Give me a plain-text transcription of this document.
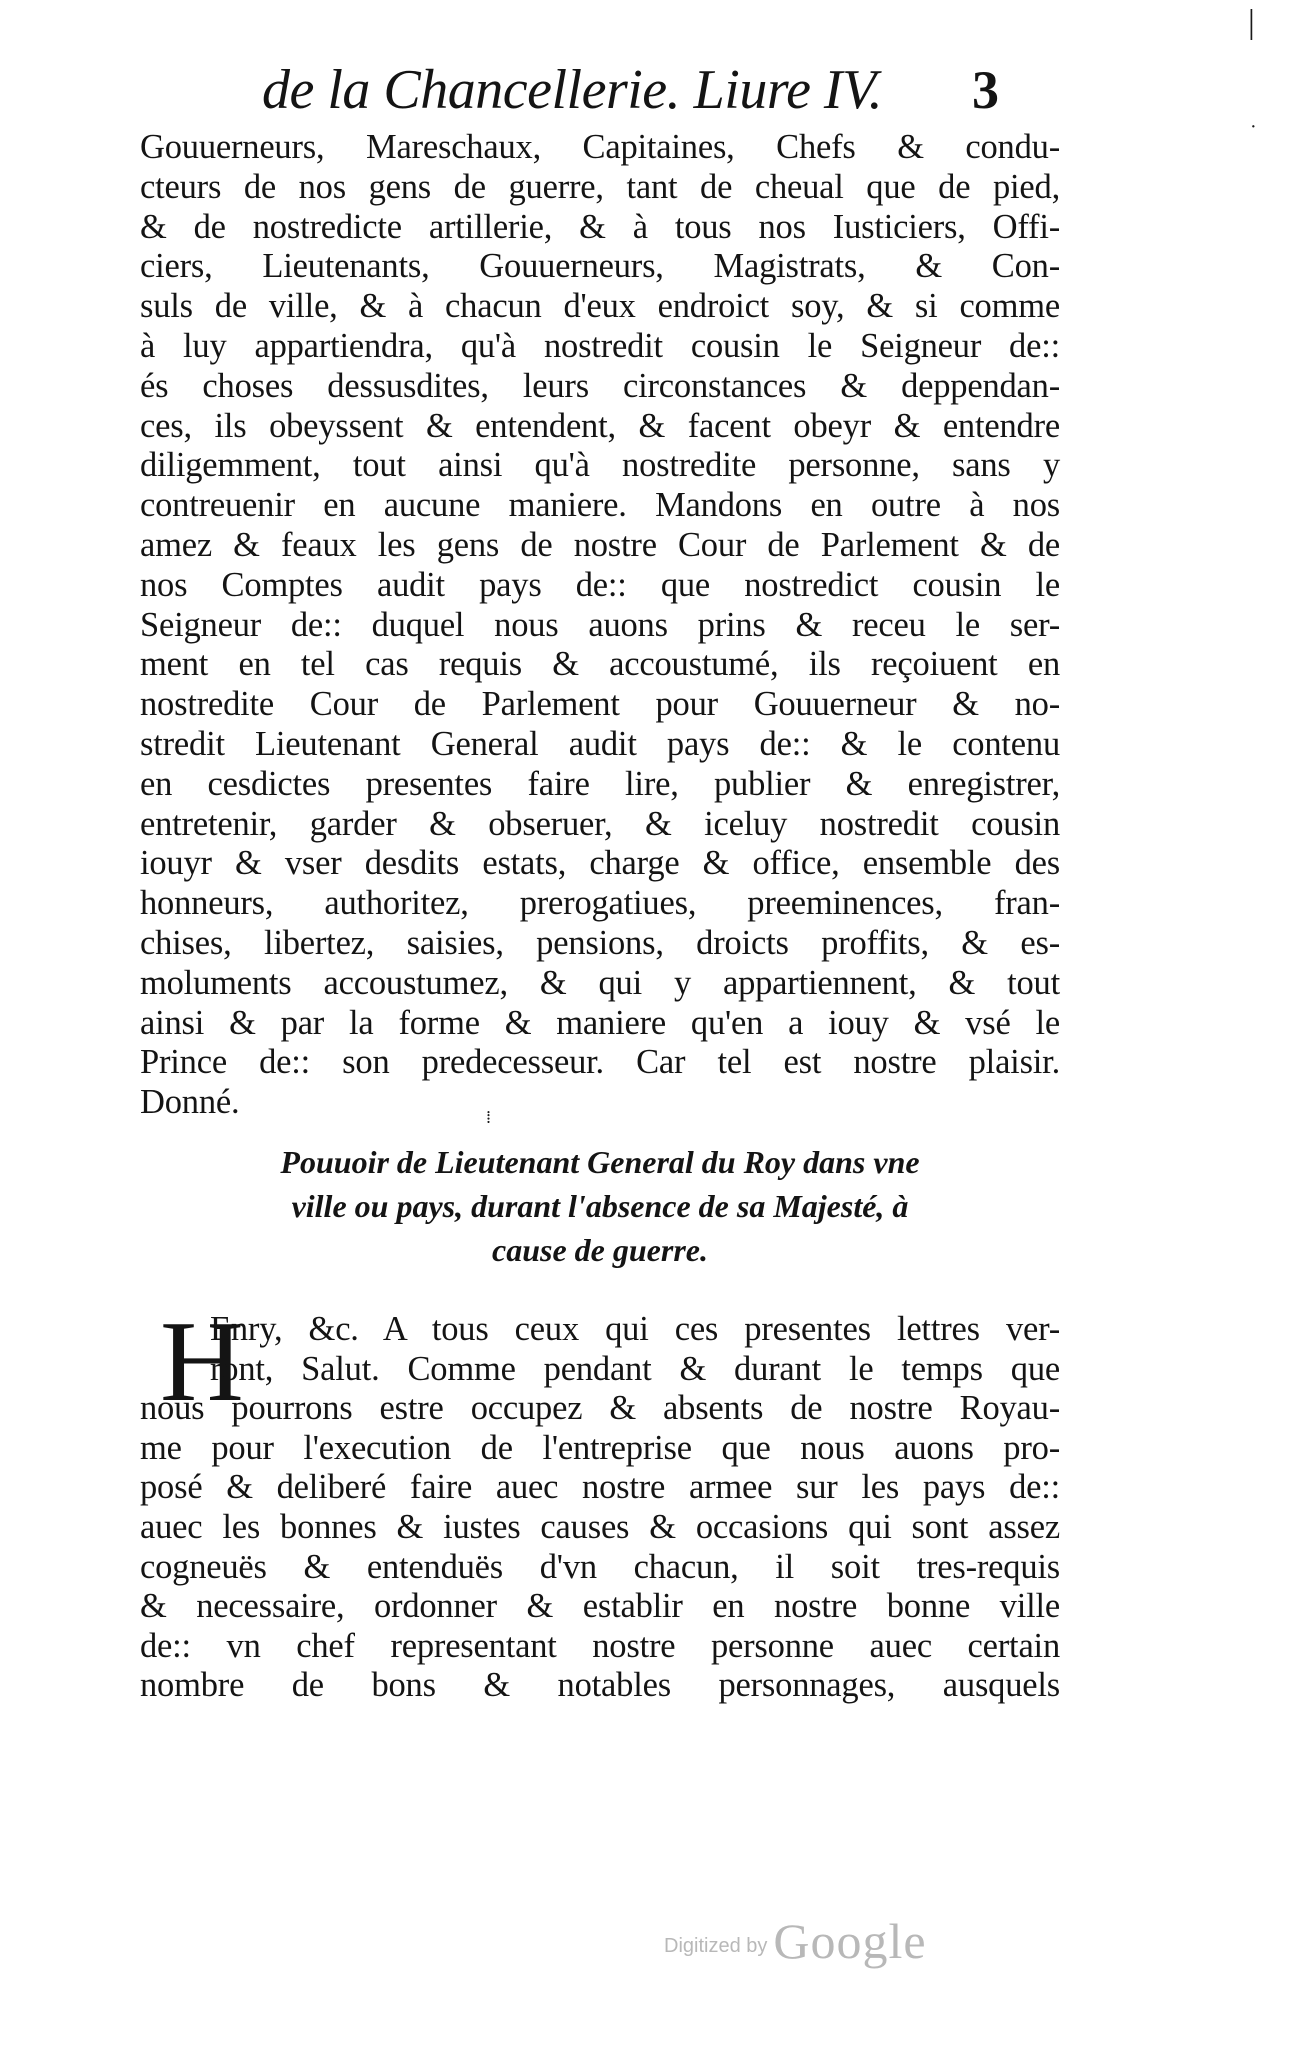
de la Chancellerie. Liure IV. 3
Gouuerneurs, Mareschaux, Capitaines, Chefs & condu-
cteurs de nos gens de guerre, tant de cheual que de pied,
& de nostredicte artillerie, & à tous nos Iusticiers, Offi-
ciers, Lieutenants, Gouuerneurs, Magistrats, & Con-
suls de ville, & à chacun d'eux endroict soy, & si comme
à luy appartiendra, qu'à nostredit cousin le Seigneur de::
és choses dessusdites, leurs circonstances & deppendan-
ces, ils obeyssent & entendent, & facent obeyr & entendre
diligemment, tout ainsi qu'à nostredite personne, sans y
contreuenir en aucune maniere. Mandons en outre à nos
amez & feaux les gens de nostre Cour de Parlement & de
nos Comptes audit pays de:: que nostredict cousin le
Seigneur de:: duquel nous auons prins & receu le ser-
ment en tel cas requis & accoustumé, ils reçoiuent en
nostredite Cour de Parlement pour Gouuerneur & no-
stredit Lieutenant General audit pays de:: & le contenu
en cesdictes presentes faire lire, publier & enregistrer,
entretenir, garder & obseruer, & iceluy nostredit cousin
iouyr & vser desdits estats, charge & office, ensemble des
honneurs, authoritez, prerogatiues, preeminences, fran-
chises, libertez, saisies, pensions, droicts proffits, & es-
moluments accoustumez, & qui y appartiennent, & tout
ainsi & par la forme & maniere qu'en a iouy & vsé le
Prince de:: son predecesseur. Car tel est nostre plaisir.
Donné.
Pouuoir de Lieutenant General du Roy dans vne
ville ou pays, durant l'absence de sa Majesté, à
cause de guerre.
H
Enry, &c. A tous ceux qui ces presentes lettres ver-
ront, Salut. Comme pendant & durant le temps que
nous pourrons estre occupez & absents de nostre Royau-
me pour l'execution de l'entreprise que nous auons pro-
posé & deliberé faire auec nostre armee sur les pays de::
auec les bonnes & iustes causes & occasions qui sont assez
cogneuës & entenduës d'vn chacun, il soit tres-requis
& necessaire, ordonner & establir en nostre bonne ville
de:: vn chef representant nostre personne auec certain
nombre de bons & notables personnages, ausquels
|
·
⁞
Digitized by Google
